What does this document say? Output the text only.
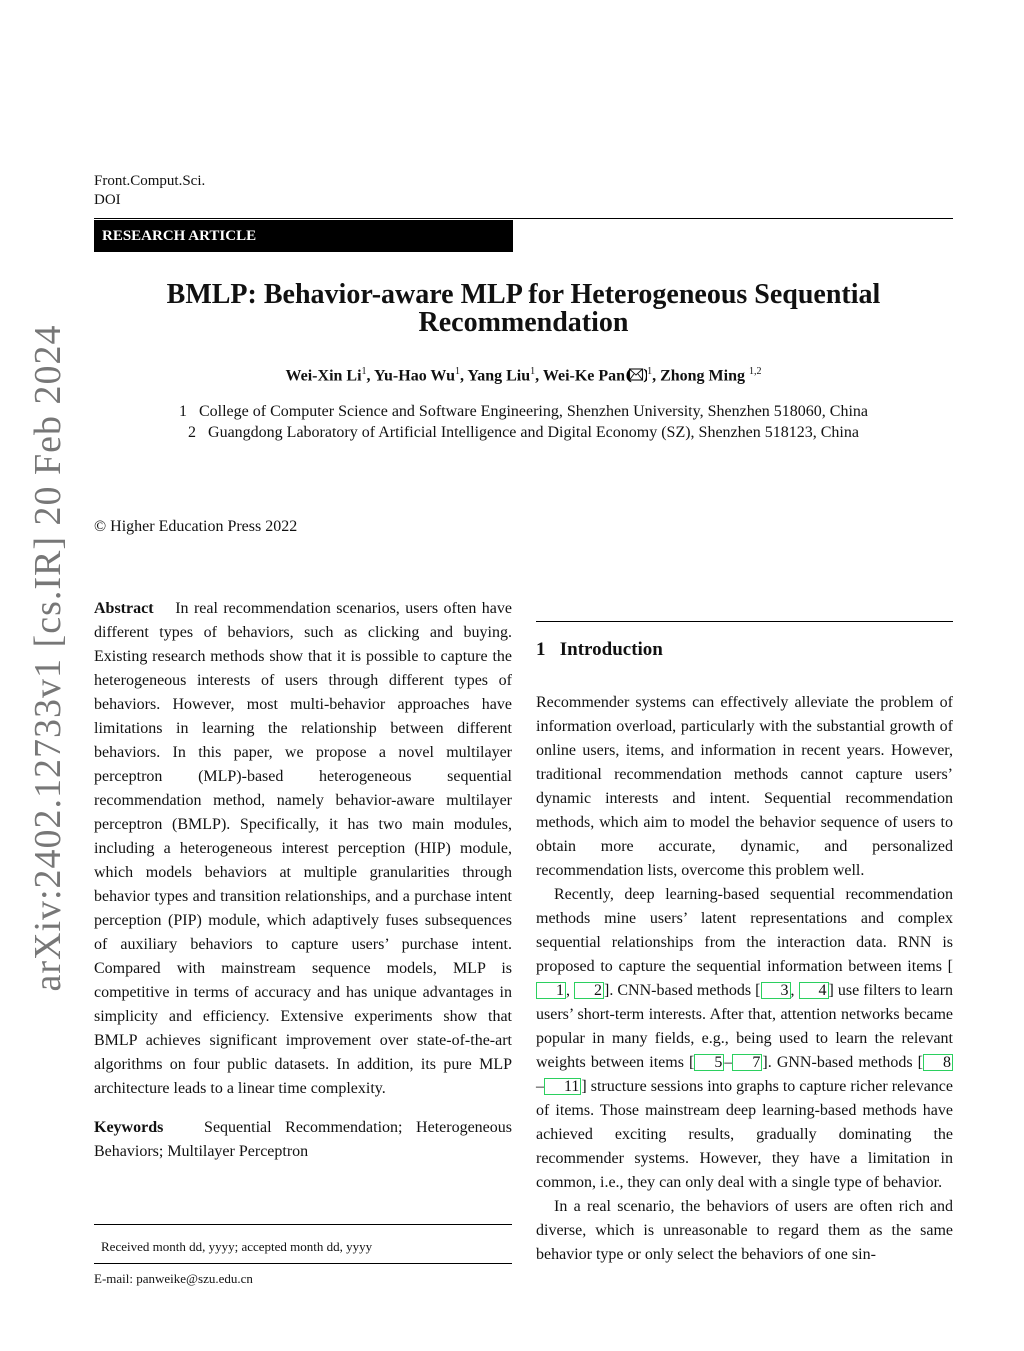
Front.Comput.Sci.
DOI
RESEARCH ARTICLE
BMLP: Behavior-aware MLP for Heterogeneous Sequential
Recommendation
Wei-Xin Li$^1$, Yu-Hao Wu$^1$, Yang Liu$^1$, Wei-Ke Pan ( $^1$, Zhong Ming $^{1,2}$
1 College of Computer Science and Software Engineering, Shenzhen University, Shenzhen 518060, China
2 Guangdong Laboratory of Artificial Intelligence and Digital Economy (SZ), Shenzhen 518123, China
© Higher Education Press 2022
arXiv:2402.12733v1 [cs.IR] 20 Feb 2024 Abstract In real recommendation scenarios, users often have different types of behaviors, such as clicking and buying. Existing research methods show that it is possible to capture the heterogeneous interests of users through different types of behaviors. However, most multi-behavior approaches have limitations in learning the relationship between different behaviors. In this paper, we propose a novel multilayer perceptron (MLP)-based heterogeneous sequential recommendation method, namely behavior-aware multilayer perceptron (BMLP). Specifically, it has two main modules, including a heterogeneous interest perception (HIP) module, which models behaviors at multiple granularities through behavior types and transition relationships, and a purchase intent perception (PIP) module, which adaptively fuses subsequences of auxiliary behaviors to capture users’ purchase intent. Compared with mainstream sequence models, MLP is competitive in terms of accuracy and has unique advantages in simplicity and efficiency. Extensive experiments show that BMLP achieves significant improvement over state-of-the-art algorithms on four public datasets. In addition, its pure MLP architecture leads to a linear time complexity.

Keywords	Sequential Recommendation; Heterogeneous Behaviors; Multilayer Perceptron

Received month dd, yyyy; accepted month dd, yyyy
E-mail: panweike@szu.edu.cn
1 Introduction

Recommender systems can effectively alleviate the problem of information overload, particularly with the substantial growth of online users, items, and information in recent years. However, traditional recommendation methods cannot capture users’ dynamic interests and intent. Sequential recommendation methods, which aim to model the behavior sequence of users to obtain more accurate, dynamic, and personalized recommendation lists, overcome this problem well.

Recently, deep learning-based sequential recommendation methods mine users’ latent representations and complex sequential relationships from the interaction data. RNN is proposed to capture the sequential information between items [1 , 2 ]. CNN-based methods [ 3 , 4 ] use filters to learn users’ short-term interests. After that, attention networks became popular in many fields, e.g., being used to learn the relevant weights between items [ 5 – 7 ]. GNN-based methods [ 8– 11 ] structure sessions into graphs to capture richer relevance of items. Those mainstream deep learning-based methods have achieved exciting results, gradually dominating the recommender systems. However, they have a limitation in common, i.e., they can only deal with a single type of behavior.

In a real scenario, the behaviors of users are often rich and diverse, which is unreasonable to regard them as the same behavior type or only select the behaviors of one sin-
